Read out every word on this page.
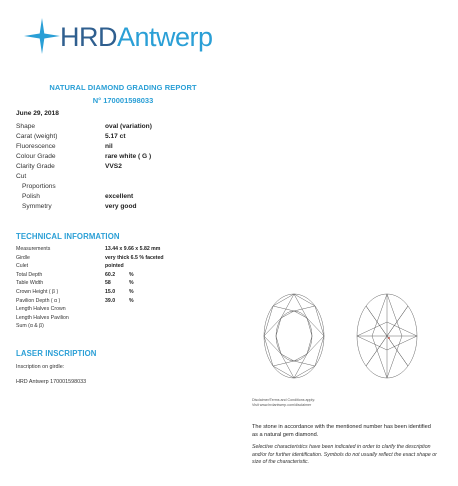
HRDAntwerp
NATURAL DIAMOND GRADING REPORT
N° 170001598033
June 29, 2018
Shape	oval (variation)
Carat (weight)	5.17 ct
Fluorescence	nil
Colour Grade	rare white ( G )
Clarity Grade	VVS2
Cut
Proportions
Polish	excellent
Symmetry	very good
TECHNICAL INFORMATION
Measurements	13.44 x 9.66 x 5.82 mm
Girdle	very thick 6.5 % faceted
Culet	pointed
Total Depth	60.2	%
Table Width	58	%
Crown Height ( β )	15.0	%
Pavilion Depth ( α )	39.0	%
Length Halves Crown
Length Halves Pavilion
Sum (α & β)
LASER INSCRIPTION
Inscription on girdle:
HRD Antwerp 170001598033
Disclaimer/Terms and Conditions apply:
Visit www.hrdantwerp.com/disclaimer
The stone in accordance with the mentioned number has been identified as a natural gem diamond.
Selective characteristics have been indicated in order to clarify the description and/or for further identification. Symbols do not usually reflect the exact shape or size of the characteristic.
